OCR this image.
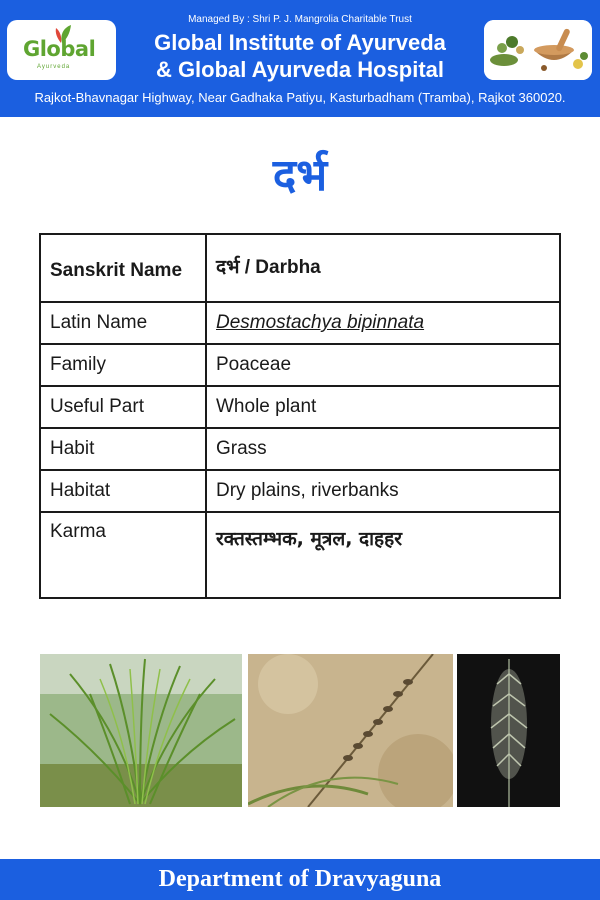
Global
Ayurveda
Managed By : Shri P. J. Mangrolia Charitable Trust
Global Institute of Ayurveda
& Global Ayurveda Hospital
Rajkot-Bhavnagar Highway, Near Gadhaka Patiyu, Kasturbadham (Tramba), Rajkot 360020.
दर्भ
Sanskrit Name	दर्भ / Darbha
Latin Name	Desmostachya bipinnata
Family	Poaceae
Useful Part	Whole plant
Habit	Grass
Habitat	Dry plains, riverbanks
Karma	रक्तस्तम्भक, मूत्रल, दाहहर
Department of Dravyaguna
